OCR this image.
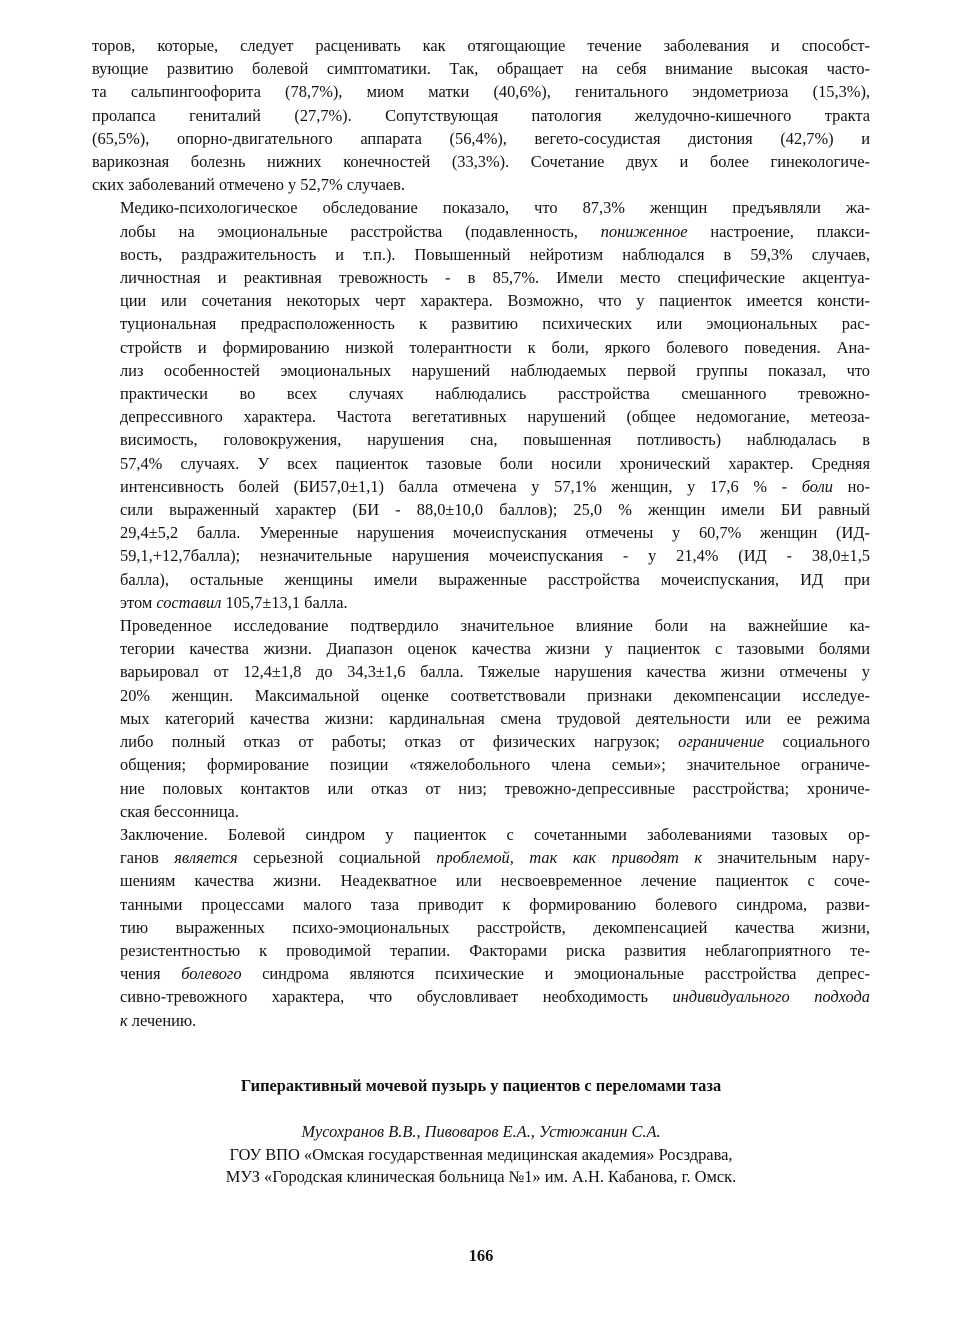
торов, которые, следует расценивать как отягощающие течение заболевания и способст-
вующие развитию болевой симптоматики. Так, обращает на себя внимание высокая часто-
та сальпингоофорита (78,7%), миом матки (40,6%), генитального эндометриоза (15,3%),
пролапса гениталий (27,7%). Сопутствующая патология желудочно-кишечного тракта
(65,5%), опорно-двигательного аппарата (56,4%), вегето-сосудистая дистония (42,7%) и
варикозная болезнь нижних конечностей (33,3%). Сочетание двух и более гинекологиче-
ских заболеваний отмечено у 52,7% случаев.
Медико-психологическое обследование показало, что 87,3% женщин предъявляли жа-
лобы на эмоциональные расстройства (подавленность, пониженное настроение, плакси-
вость, раздражительность и т.п.). Повышенный нейротизм наблюдался в 59,3% случаев,
личностная и реактивная тревожность - в 85,7%. Имели место специфические акцентуа-
ции или сочетания некоторых черт характера. Возможно, что у пациенток имеется консти-
туциональная предрасположенность к развитию психических или эмоциональных рас-
стройств и формированию низкой толерантности к боли, яркого болевого поведения. Ана-
лиз особенностей эмоциональных нарушений наблюдаемых первой группы показал, что
практически во всех случаях наблюдались расстройства смешанного тревожно-
депрессивного характера. Частота вегетативных нарушений (общее недомогание, метеоза-
висимость, головокружения, нарушения сна, повышенная потливость) наблюдалась в
57,4% случаях. У всех пациенток тазовые боли носили хронический характер. Средняя
интенсивность болей (БИ57,0±1,1) балла отмечена у 57,1% женщин, у 17,6 % - боли но-
сили выраженный характер (БИ - 88,0±10,0 баллов); 25,0 % женщин имели БИ равный
29,4±5,2 балла. Умеренные нарушения мочеиспускания отмечены у 60,7% женщин (ИД-
59,1,+12,7балла); незначительные нарушения мочеиспускания - у 21,4% (ИД - 38,0±1,5
балла), остальные женщины имели выраженные расстройства мочеиспускания, ИД при
этом составил 105,7±13,1 балла.
Проведенное исследование подтвердило значительное влияние боли на важнейшие ка-
тегории качества жизни. Диапазон оценок качества жизни у пациенток с тазовыми болями
варьировал от 12,4±1,8 до 34,3±1,6 балла. Тяжелые нарушения качества жизни отмечены у
20% женщин. Максимальной оценке соответствовали признаки декомпенсации исследуе-
мых категорий качества жизни: кардинальная смена трудовой деятельности или ее режима
либо полный отказ от работы; отказ от физических нагрузок; ограничение социального
общения; формирование позиции «тяжелобольного члена семьи»; значительное ограниче-
ние половых контактов или отказ от низ; тревожно-депрессивные расстройства; хрониче-
ская бессонница.
Заключение. Болевой синдром у пациенток с сочетанными заболеваниями тазовых ор-
ганов является серьезной социальной проблемой, так как приводят к значительным нару-
шениям качества жизни. Неадекватное или несвоевременное лечение пациенток с соче-
танными процессами малого таза приводит к формированию болевого синдрома, разви-
тию выраженных психо-эмоциональных расстройств, декомпенсацией качества жизни,
резистентностью к проводимой терапии. Факторами риска развития неблагоприятного те-
чения болевого синдрома являются психические и эмоциональные расстройства депрес-
сивно-тревожного характера, что обусловливает необходимость индивидуального подхода
к лечению.
Гиперактивный мочевой пузырь у пациентов с переломами таза
Мусохранов В.В., Пивоваров Е.А., Устюжанин С.А.
ГОУ ВПО «Омская государственная медицинская академия» Росздрава,
МУЗ «Городская клиническая больница №1» им. А.Н. Кабанова, г. Омск.
166
